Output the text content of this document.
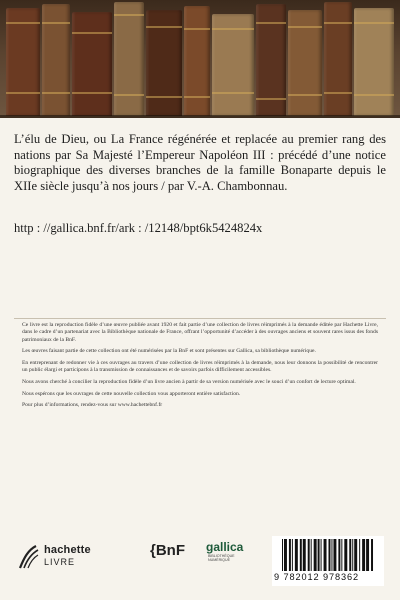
L’élu de Dieu, ou La France régénérée et replacée au premier rang des nations par Sa Majesté l’Empereur Napoléon III : précédé d’une notice biographique des diverses branches de la famille Bonaparte depuis le XIIe siècle jusqu’à nos jours / par V.-A. Chambonnau.
http : //gallica.bnf.fr/ark : /12148/bpt6k5424824x

Ce livre est la reproduction fidèle d’une œuvre publiée avant 1920 et fait partie d’une collection de livres réimprimés à la demande éditée par Hachette Livre, dans le cadre d’un partenariat avec la Bibliothèque nationale de France, offrant l’opportunité d’accéder à des ouvrages anciens et souvent rares issus des fonds patrimoniaux de la BnF.

Les œuvres faisant partie de cette collection ont été numérisées par la BnF et sont présentes sur Gallica, sa bibliothèque numérique.

En entreprenant de redonner vie à ces ouvrages au travers d’une collection de livres réimprimés à la demande, nous leur donnons la possibilité de rencontrer un public élargi et participons à la transmission de connaissances et de savoirs parfois difficilement accessibles.

Nous avons cherché à concilier la reproduction fidèle d’un livre ancien à partir de sa version numérisée avec le souci d’un confort de lecture optimal.

Nous espérons que les ouvrages de cette nouvelle collection vous apporteront entière satisfaction.

Pour plus d’informations, rendez-vous sur www.hachettebnf.fr

hachette
LIVRE
{BnF	gallica
BIBLIOTHÈQUE NUMÉRIQUE
9 782012 978362
